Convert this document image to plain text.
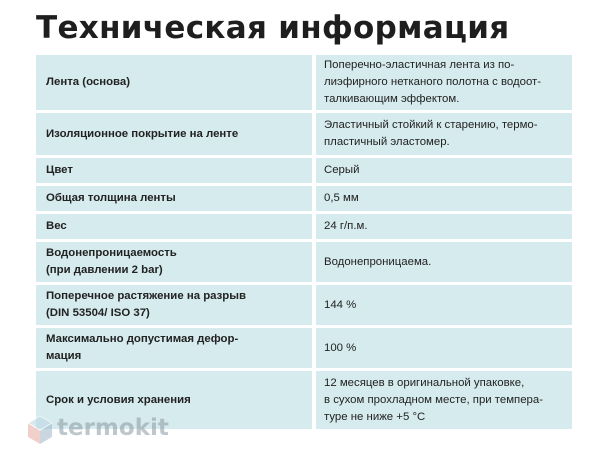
Техническая информация
Лента (основа)	Поперечно-эластичная лента из по-
лиэфирного нетканого полотна с водоот-
талкивающим эффектом.
Изоляционное покрытие на ленте	Эластичный стойкий к старению, термо-
пластичный эластомер.
Цвет	Серый
Общая толщина ленты	0,5 мм
Вес	24 г/п.м.
Водонепроницаемость
(при давлении 2 bar)	Водонепроницаема.
Поперечное растяжение на разрыв
(DIN 53504/ ISO 37)	144 %
Максимально допустимая дефор-
мация	100 %
Срок и условия хранения	12 месяцев в оригинальной упаковке,
в сухом прохладном месте, при темпера-
туре не ниже +5 °С
termokit
